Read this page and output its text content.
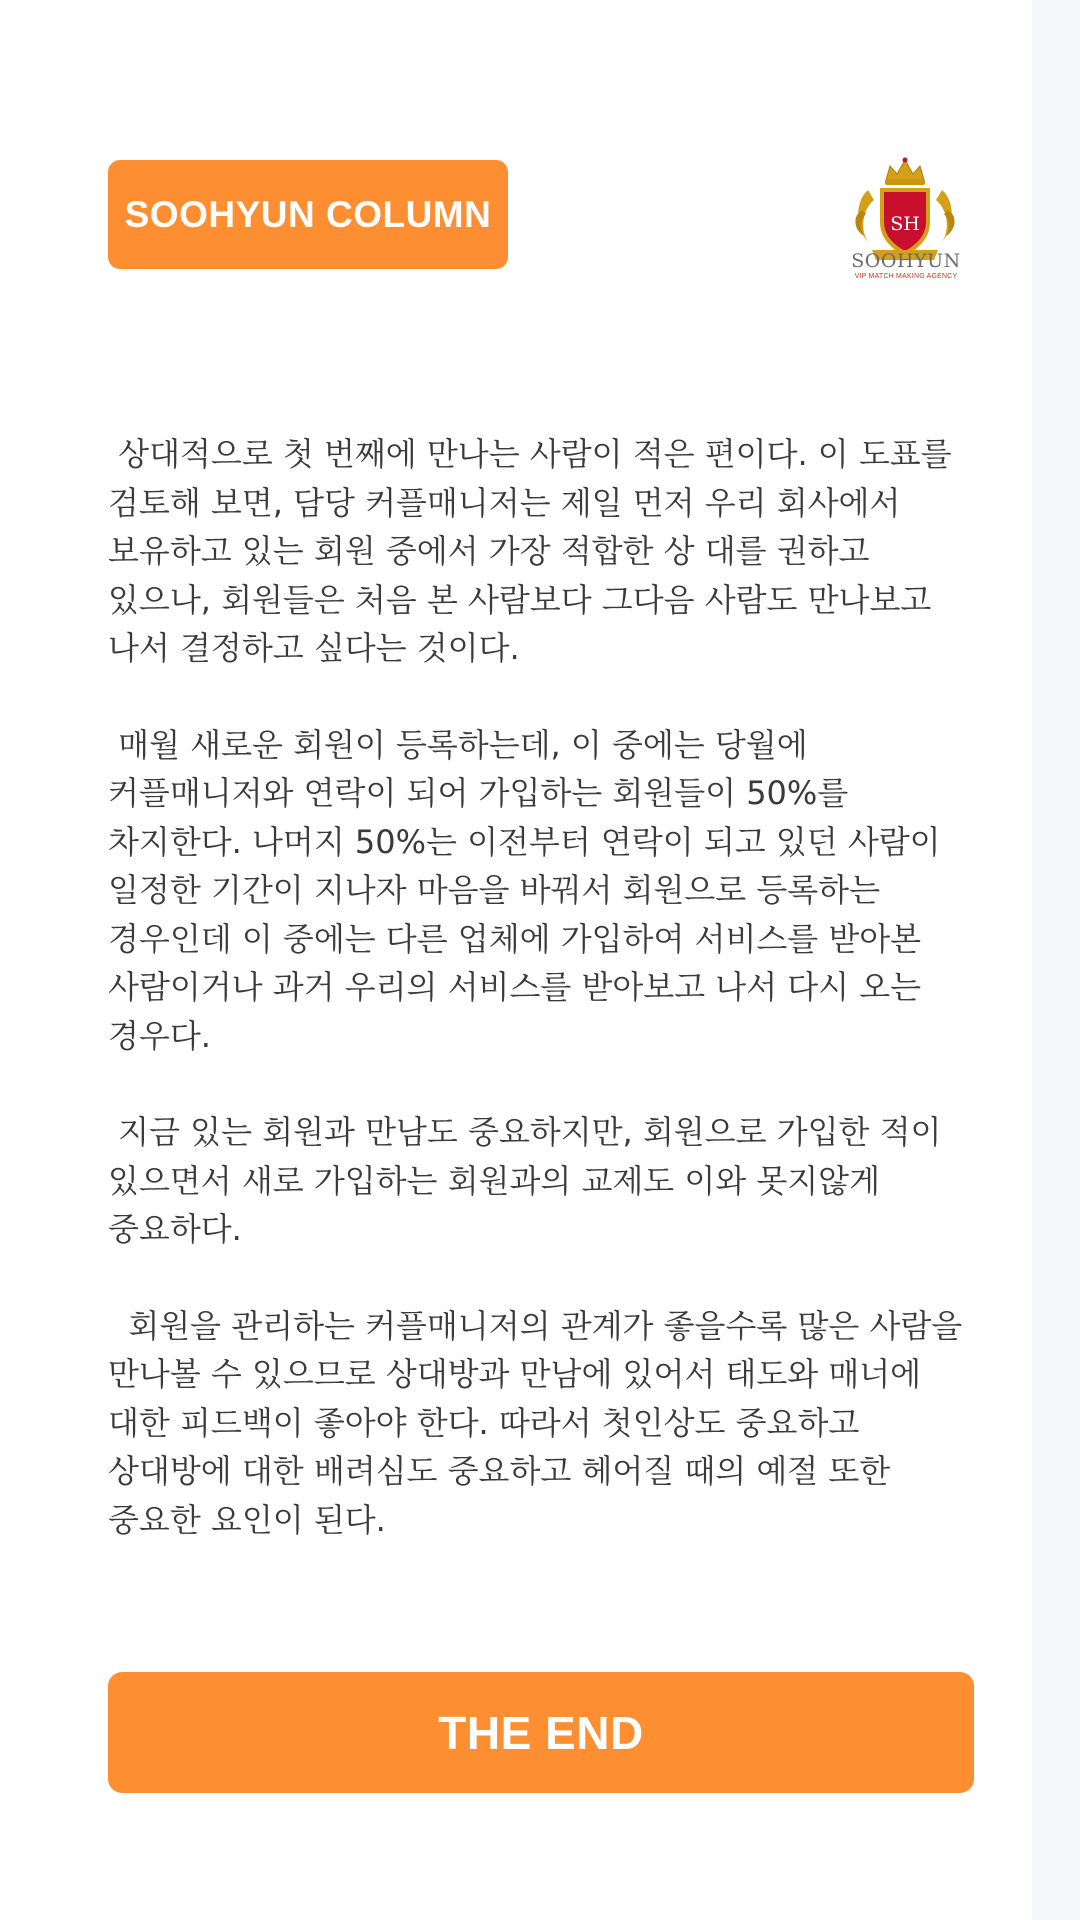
SOOHYUN COLUMN	SH
SOOHYUN
VIP MATCH MAKING AGENCY

상대적으로 첫 번째에 만나는 사람이 적은 편이다. 이 도표를 검토해 보면, 담당 커플매니저는 제일 먼저 우리 회사에서 보유하고 있는 회원 중에서 가장 적합한 상 대를 권하고 있으나, 회원들은 처음 본 사람보다 그다음 사람도 만나보고 나서 결정하고 싶다는 것이다.

매월 새로운 회원이 등록하는데, 이 중에는 당월에 커플매니저와 연락이 되어 가입하는 회원들이 50%를 차지한다. 나머지 50%는 이전부터 연락이 되고 있던 사람이 일정한 기간이 지나자 마음을 바꿔서 회원으로 등록하는 경우인데 이 중에는 다른 업체에 가입하여 서비스를 받아본 사람이거나 과거 우리의 서비스를 받아보고 나서 다시 오는 경우다.

지금 있는 회원과 만남도 중요하지만, 회원으로 가입한 적이 있으면서 새로 가입하는 회원과의 교제도 이와 못지않게 중요하다.

회원을 관리하는 커플매니저의 관계가 좋을수록 많은 사람을 만나볼 수 있으므로 상대방과 만남에 있어서 태도와 매너에 대한 피드백이 좋아야 한다. 따라서 첫인상도 중요하고 상대방에 대한 배려심도 중요하고 헤어질 때의 예절 또한 중요한 요인이 된다.

THE END
